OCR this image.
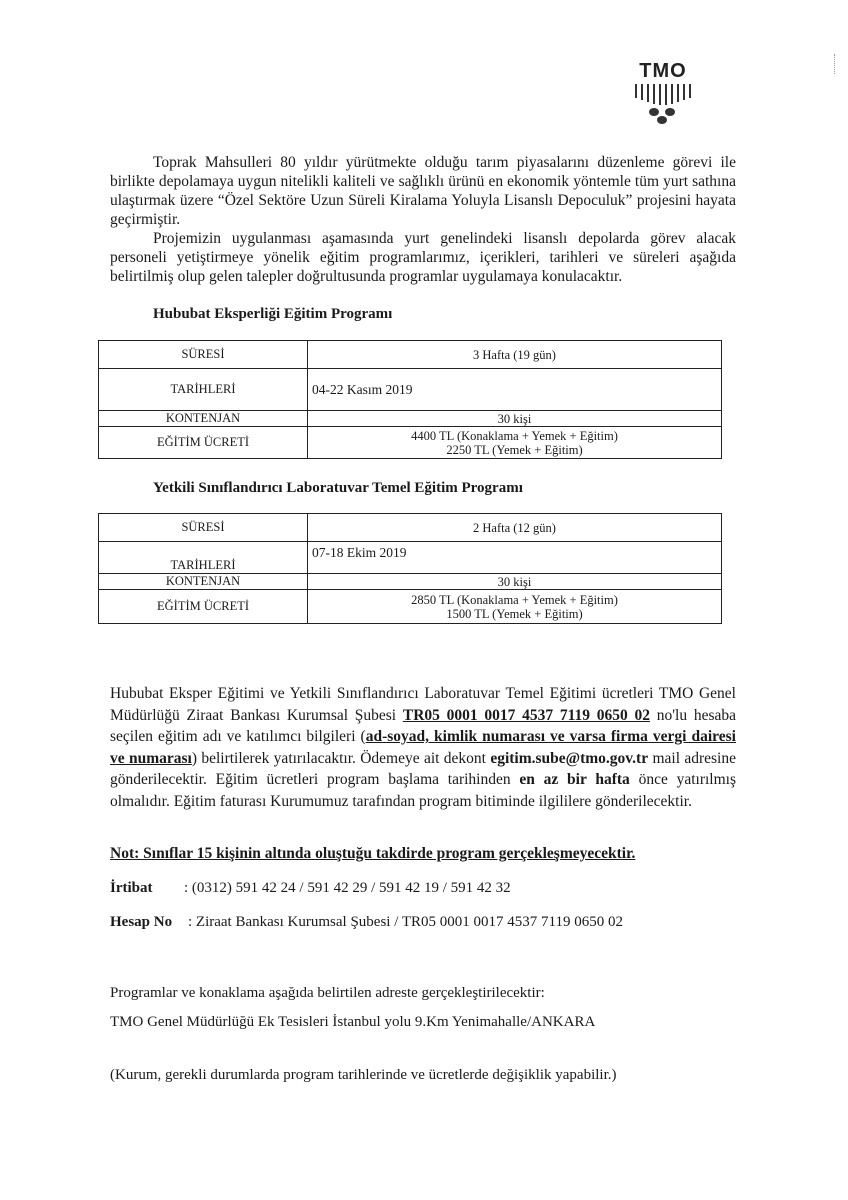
TMO

Toprak Mahsulleri 80 yıldır yürütmekte olduğu tarım piyasalarını düzenleme görevi ile birlikte depolamaya uygun nitelikli kaliteli ve sağlıklı ürünü en ekonomik yöntemle tüm yurt sathına ulaştırmak üzere “Özel Sektöre Uzun Süreli Kiralama Yoluyla Lisanslı Depoculuk” projesini hayata geçirmiştir.

Projemizin uygulanması aşamasında yurt genelindeki lisanslı depolarda görev alacak personeli yetiştirmeye yönelik eğitim programlarımız, içerikleri, tarihleri ve süreleri aşağıda belirtilmiş olup gelen talepler doğrultusunda programlar uygulamaya konulacaktır.

Hububat Eksperliği Eğitim Programı
SÜRESİ	3 Hafta (19 gün)
TARİHLERİ	04-22 Kasım 2019
KONTENJAN	30 kişi
EĞİTİM ÜCRETİ	4400 TL (Konaklama + Yemek + Eğitim)
2250 TL (Yemek + Eğitim)
Yetkili Sınıflandırıcı Laboratuvar Temel Eğitim Programı
SÜRESİ	2 Hafta (12 gün)
TARİHLERİ	07-18 Ekim 2019
KONTENJAN	30 kişi
EĞİTİM ÜCRETİ	2850 TL (Konaklama + Yemek + Eğitim)
1500 TL (Yemek + Eğitim)
Hububat Eksper Eğitimi ve Yetkili Sınıflandırıcı Laboratuvar Temel Eğitimi ücretleri TMO Genel Müdürlüğü Ziraat Bankası Kurumsal Şubesi TR05 0001 0017 4537 7119 0650 02 no'lu hesaba seçilen eğitim adı ve katılımcı bilgileri (ad-soyad, kimlik numarası ve varsa firma vergi dairesi ve numarası) belirtilerek yatırılacaktır. Ödemeye ait dekont egitim.sube@tmo.gov.tr mail adresine gönderilecektir. Eğitim ücretleri program başlama tarihinden en az bir hafta önce yatırılmış olmalıdır. Eğitim faturası Kurumumuz tarafından program bitiminde ilgililere gönderilecektir.
Not: Sınıflar 15 kişinin altında oluştuğu takdirde program gerçekleşmeyecektir.
İrtibat : (0312) 591 42 24 / 591 42 29 / 591 42 19 / 591 42 32
Hesap No : Ziraat Bankası Kurumsal Şubesi / TR05 0001 0017 4537 7119 0650 02
Programlar ve konaklama aşağıda belirtilen adreste gerçekleştirilecektir:
TMO Genel Müdürlüğü Ek Tesisleri İstanbul yolu 9.Km Yenimahalle/ANKARA
(Kurum, gerekli durumlarda program tarihlerinde ve ücretlerde değişiklik yapabilir.)
